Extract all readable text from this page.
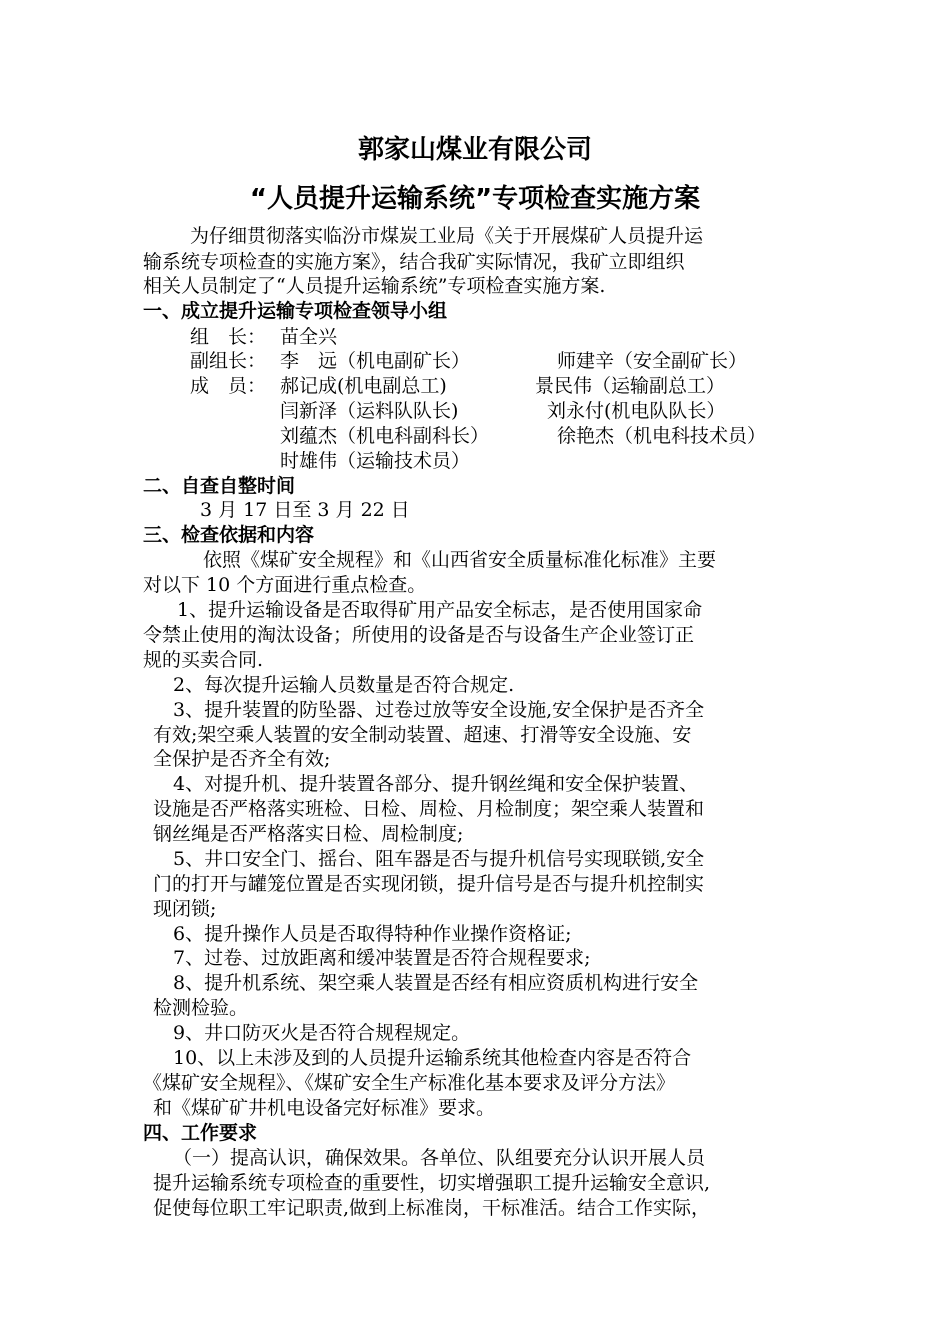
郭家山煤业有限公司
“人员提升运输系统”专项检查实施方案
为仔细贯彻落实临汾市煤炭工业局《关于开展煤矿人员提升运
输系统专项检查的实施方案》，结合我矿实际情况，我矿立即组织
相关人员制定了“人员提升运输系统”专项检查实施方案.
一、成立提升运输专项检查领导小组
组　长： 苗全兴
副组长： 李　远（机电副矿长）	师建辛（安全副矿长）
成　员： 郝记成(机电副总工)	景民伟（运输副总工）
闫新泽（运料队队长)	刘永付(机电队队长）
刘蕴杰（机电科副科长）	徐艳杰（机电科技术员）
时雄伟（运输技术员）
二、自查自整时间
3 月 17 日至 3 月 22 日
三、检查依据和内容
依照《煤矿安全规程》和《山西省安全质量标准化标准》主要
对以下 10 个方面进行重点检查。
1、提升运输设备是否取得矿用产品安全标志，是否使用国家命
令禁止使用的淘汰设备；所使用的设备是否与设备生产企业签订正
规的买卖合同.
2、每次提升运输人员数量是否符合规定.
3、提升装置的防坠器、过卷过放等安全设施,安全保护是否齐全
有效;架空乘人装置的安全制动装置、超速、打滑等安全设施、安
全保护是否齐全有效;
4、对提升机、提升装置各部分、提升钢丝绳和安全保护装置、
设施是否严格落实班检、日检、周检、月检制度；架空乘人装置和
钢丝绳是否严格落实日检、周检制度;
5、井口安全门、摇台、阻车器是否与提升机信号实现联锁,安全
门的打开与罐笼位置是否实现闭锁，提升信号是否与提升机控制实
现闭锁;
6、提升操作人员是否取得特种作业操作资格证;
7、过卷、过放距离和缓冲装置是否符合规程要求;
8、提升机系统、架空乘人装置是否经有相应资质机构进行安全
检测检验。
9、井口防灭火是否符合规程规定。
10、以上未涉及到的人员提升运输系统其他检查内容是否符合
《煤矿安全规程》、《煤矿安全生产标准化基本要求及评分方法》
和《煤矿矿井机电设备完好标准》要求。
四、工作要求
（一）提高认识，确保效果。各单位、队组要充分认识开展人员
提升运输系统专项检查的重要性，切实增强职工提升运输安全意识,
促使每位职工牢记职责,做到上标准岗，干标准活。结合工作实际，
